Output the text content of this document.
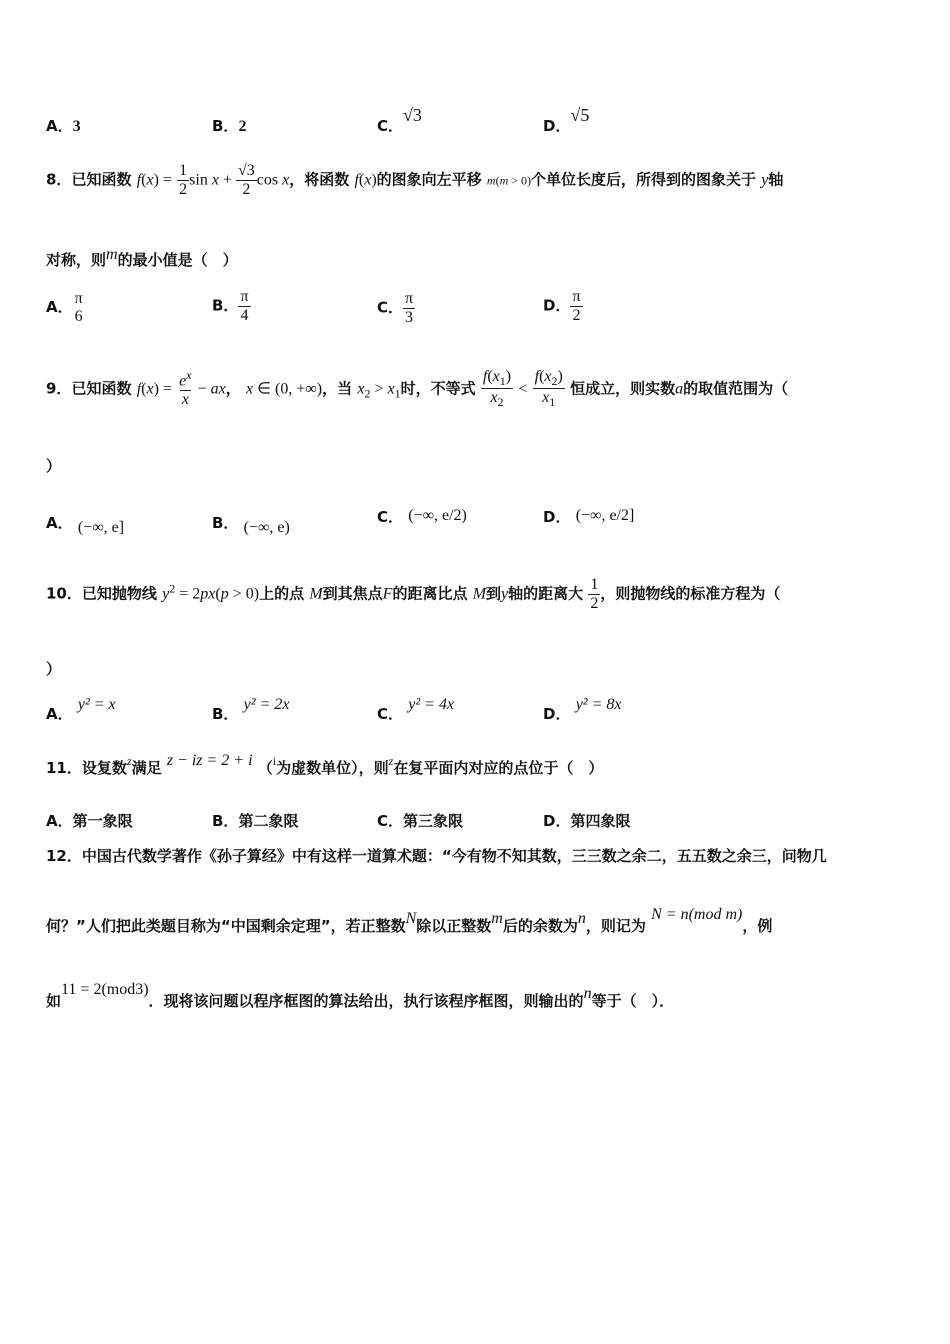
A．3	B．2	C．√3
D．√5
8．已知函数 $f(x) = \frac{1}{2}$ $\sin x + \frac{√3}{2}$ cos x，将函数 f(x)的图象向左平移 m(m > 0)个单位长度后，所得到的图象关于 y轴
对称，则m的最小值是（　）
A． π
6
B． $\frac{\pi}{4}$	C． $\frac{\pi}{3}$	D． $\frac{\pi}{2}$
9．已知函数 $f(x) = \frac{e^x}{x}$ − ax， x ∈ (0, +∞)，当 $x_2 > x_1$时，不等式 $\frac{f(x_1)}{x_2} < \frac{f(x_2)}{x_1}$ 恒成立，则实数a的取值范围为（
）
A． (−∞, e]	B． (−∞, e)
C． (−∞, e/2)	D． (−∞, e/2]
10．已知抛物线 $y^2 = 2px(p > 0)$上的点 M到其焦点F的距离比点 M到y轴的距离大 $\frac{1}{2}$ ，则抛物线的标准方程为（
）
A． y² = x
B． y² = 2x
C． y² = 4x
D． y² = 8x
11．设复数$^z$满足 z − iz = 2 + i （$^i$为虚数单位），则$^z$在复平面内对应的点位于（　）
A．第一象限	B．第二象限	C．第三象限	D．第四象限
12．中国古代数学著作《孙子算经》中有这样一道算术题：“今有物不知其数，三三数之余二，五五数之余三，问物几
何？”人们把此类题目称为“中国剩余定理”，若正整数N除以正整数m后的余数为n，则记为 N = n(mod m)，例
如11 = 2(mod3)．现将该问题以程序框图的算法给出，执行该程序框图，则输出的n等于（　）．
